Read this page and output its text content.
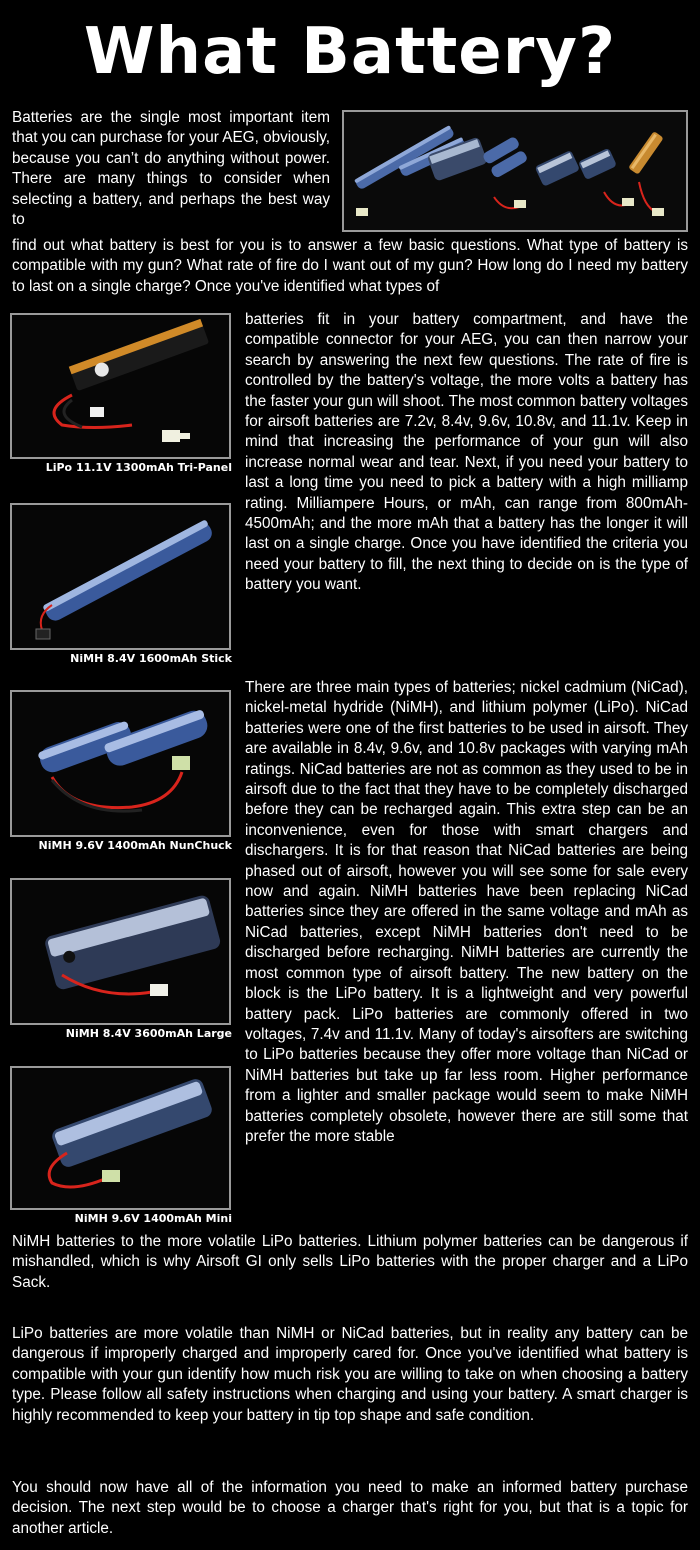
What Battery?
Batteries are the single most important item that you can purchase for your AEG, obviously, because you can’t do anything without power. There are many things to consider when selecting a battery, and perhaps the best way to
find out what battery is best for you is to answer a few basic questions. What type of battery is compatible with my gun? What rate of fire do I want out of my gun? How long do I need my battery to last on a single charge? Once you've identified what types of
LiPo 11.1V 1300mAh Tri-Panel
NiMH 8.4V 1600mAh Stick
NiMH 9.6V 1400mAh NunChuck
NiMH 8.4V 3600mAh Large
NiMH 9.6V 1400mAh Mini
batteries fit in your battery compartment, and have the compatible connector for your AEG, you can then narrow your search by answering the next few questions. The rate of fire is controlled by the battery's voltage, the more volts a battery has the faster your gun will shoot. The most common battery voltages for airsoft batteries are 7.2v, 8.4v, 9.6v, 10.8v, and 11.1v. Keep in mind that increasing the performance of your gun will also increase normal wear and tear. Next, if you need your battery to last a long time you need to pick a battery with a high milliamp rating. Milliampere Hours, or mAh, can range from 800mAh-4500mAh; and the more mAh that a battery has the longer it will last on a single charge. Once you have identified the criteria you need your battery to fill, the next thing to decide on is the type of battery you want.
There are three main types of batteries; nickel cadmium (NiCad), nickel-metal hydride (NiMH), and lithium polymer (LiPo). NiCad batteries were one of the first batteries to be used in airsoft. They are available in 8.4v, 9.6v, and 10.8v packages with varying mAh ratings. NiCad batteries are not as common as they used to be in airsoft due to the fact that they have to be completely discharged before they can be recharged again. This extra step can be an inconvenience, even for those with smart chargers and dischargers. It is for that reason that NiCad batteries are being phased out of airsoft, however you will see some for sale every now and again. NiMH batteries have been replacing NiCad batteries since they are offered in the same voltage and mAh as NiCad batteries, except NiMH batteries don't need to be discharged before recharging. NiMH batteries are currently the most common type of airsoft battery. The new battery on the block is the LiPo battery. It is a lightweight and very powerful battery pack. LiPo batteries are commonly offered in two voltages, 7.4v and 11.1v. Many of today's airsofters are switching to LiPo batteries because they offer more voltage than NiCad or NiMH batteries but take up far less room. Higher performance from a lighter and smaller package would seem to make NiMH batteries completely obsolete, however there are still some that prefer the more stable
NiMH batteries to the more volatile LiPo batteries. Lithium polymer batteries can be dangerous if mishandled, which is why Airsoft GI only sells LiPo batteries with the proper charger and a LiPo Sack.
LiPo batteries are more volatile than NiMH or NiCad batteries, but in reality any battery can be dangerous if improperly charged and improperly cared for. Once you've identified what battery is compatible with your gun identify how much risk you are willing to take on when choosing a battery type. Please follow all safety instructions when charging and using your battery. A smart charger is highly recommended to keep your battery in tip top shape and safe condition.
You should now have all of the information you need to make an informed battery purchase decision. The next step would be to choose a charger that's right for you, but that is a topic for another article.
